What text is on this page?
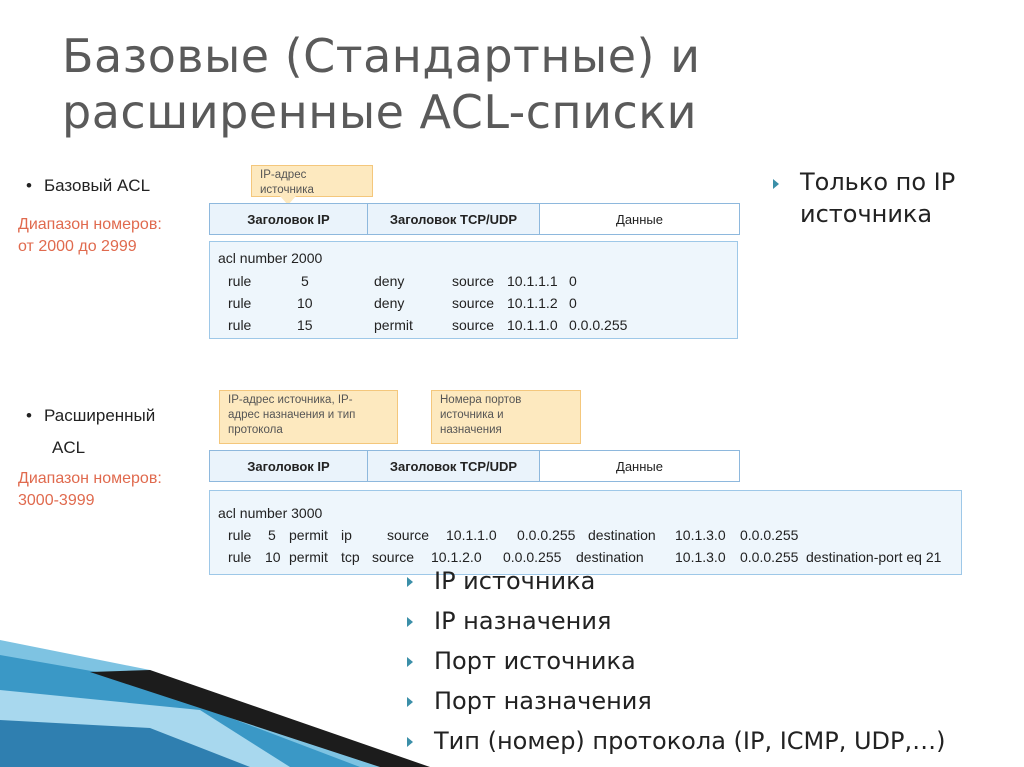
Базовые (Стандартные) и
расширенные ACL-списки
• Базовый ACL
Диапазон номеров:
от 2000 до 2999
IP-адрес
источника
Заголовок IP	Заголовок TCP/UDP	Данные
acl number 2000
rule	5	deny	source 10.1.1.1 0
rule	10	deny	source 10.1.1.2 0
rule	15	permit	source 10.1.1.0 0.0.0.255
Только по IP источника
• Расширенный
ACL
Диапазон номеров:
3000-3999
IP-адрес источника, IP-
адрес назначения и тип
протокола
Номера портов
источника и
назначения
Заголовок IP	Заголовок TCP/UDP	Данные
acl number 3000
rule 5 permit ip	source 10.1.1.0 0.0.0.255 destination 10.1.3.0 0.0.0.255
rule 10 permit tcp source 10.1.2.0 0.0.0.255 destination 10.1.3.0 0.0.0.255 destination-port eq 21
IP источника
IP назначения
Порт источника
Порт назначения
Тип (номер) протокола (IP, ICMP, UDP,…)
